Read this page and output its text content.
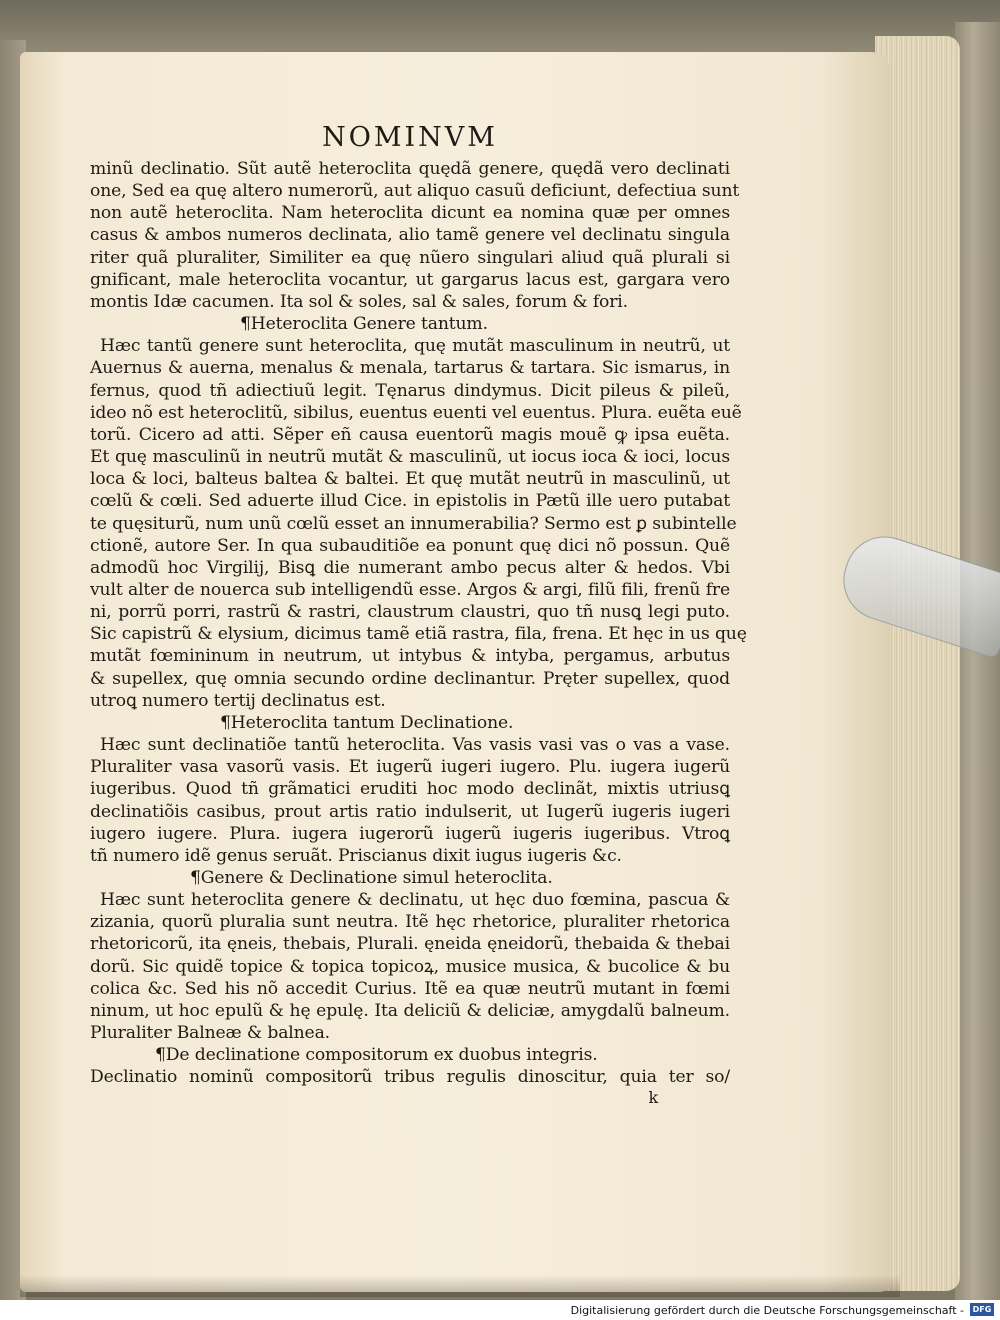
NOMINVM
minũ declinatio. Sũt autẽ heteroclita quędã genere, quędã vero declinati
one, Sed ea quę altero numerorũ, aut aliquo casuũ deficiunt, defectiua sunt
non autẽ heteroclita. Nam heteroclita dicunt ea nomina quæ per omnes
casus & ambos numeros declinata, alio tamẽ genere vel declinatu singula
riter quã pluraliter, Similiter ea quę nũero singulari aliud quã plurali si
gnificant, male heteroclita vocantur, ut gargarus lacus est, gargara vero
montis Idæ cacumen. Ita sol & soles, sal & sales, forum & fori.
¶Heteroclita Genere tantum.
Hæc tantũ genere sunt heteroclita, quę mutãt masculinum in neutrũ, ut
Auernus & auerna, menalus & menala, tartarus & tartara. Sic ismarus, in
fernus, quod tñ adiectiuũ legit. Tęnarus dindymus. Dicit pileus & pileũ,
ideo nõ est heteroclitũ, sibilus, euentus euenti vel euentus. Plura. euẽta euẽ
torũ. Cicero ad atti. Sẽper eñ causa euentorũ magis mouẽ ꝙ ipsa euẽta.
Et quę masculinũ in neutrũ mutãt & masculinũ, ut iocus ioca & ioci, locus
loca & loci, balteus baltea & baltei. Et quę mutãt neutrũ in masculinũ, ut
cœlũ & cœli. Sed aduerte illud Cice. in epistolis in Pætũ ille uero putabat
te quęsiturũ, num unũ cœlũ esset an innumerabilia? Sermo est ꝑ subintelle
ctionẽ, autore Ser. In qua subauditiõe ea ponunt quę dici nõ possun. Quẽ
admodũ hoc Virgilij, Bisꝗ die numerant ambo pecus alter & hedos. Vbi
vult alter de nouerca sub intelligendũ esse. Argos & argi, filũ fili, frenũ fre
ni, porrũ porri, rastrũ & rastri, claustrum claustri, quo tñ nusꝗ legi puto.
Sic capistrũ & elysium, dicimus tamẽ etiã rastra, fila, frena. Et hęc in us quę
mutãt fœmininum in neutrum, ut intybus & intyba, pergamus, arbutus
& supellex, quę omnia secundo ordine declinantur. Pręter supellex, quod
utroꝗ numero tertij declinatus est.
¶Heteroclita tantum Declinatione.
Hæc sunt declinatiõe tantũ heteroclita. Vas vasis vasi vas o vas a vase.
Pluraliter vasa vasorũ vasis. Et iugerũ iugeri iugero. Plu. iugera iugerũ
iugeribus. Quod tñ grãmatici eruditi hoc modo declinãt, mixtis utriusꝗ
declinatiõis casibus, prout artis ratio indulserit, ut Iugerũ iugeris iugeri
iugero iugere. Plura. iugera iugerorũ iugerũ iugeris iugeribus. Vtroꝗ
tñ numero idẽ genus seruãt. Priscianus dixit iugus iugeris &c.
¶Genere & Declinatione simul heteroclita.
Hæc sunt heteroclita genere & declinatu, ut hęc duo fœmina, pascua &
zizania, quorũ pluralia sunt neutra. Itẽ hęc rhetorice, pluraliter rhetorica
rhetoricorũ, ita ęneis, thebais, Plurali. ęneida ęneidorũ, thebaida & thebai
dorũ. Sic quidẽ topice & topica topicoꝝ, musice musica, & bucolice & bu
colica &c. Sed his nõ accedit Curius. Itẽ ea quæ neutrũ mutant in fœmi
ninum, ut hoc epulũ & hę epulę. Ita deliciũ & deliciæ, amygdalũ balneum.
Pluraliter Balneæ & balnea.
¶De declinatione compositorum ex duobus integris.
Declinatio nominũ compositorũ tribus regulis dinoscitur, quia ter so/
k
Digitalisierung gefördert durch die Deutsche Forschungsgemeinschaft -	DFG
